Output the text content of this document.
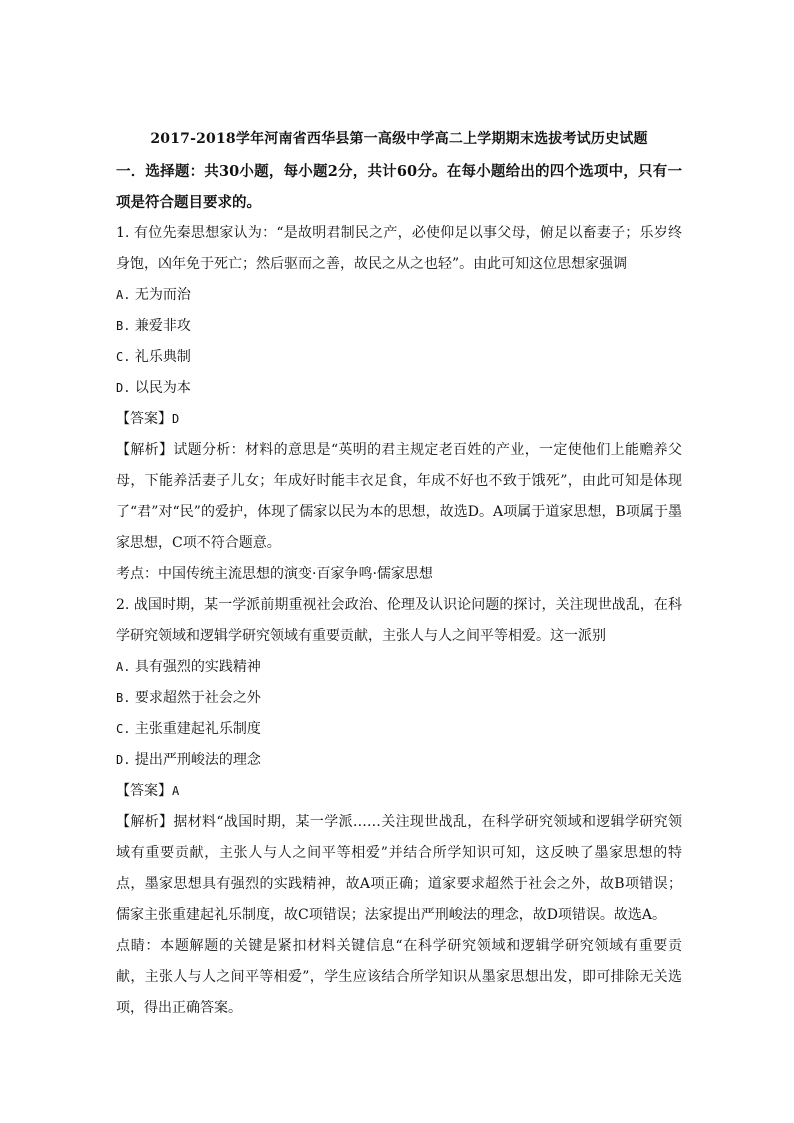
2017-2018学年河南省西华县第一高级中学高二上学期期末选拔考试历史试题

一．选择题：共30小题，每小题2分，共计60分。在每小题给出的四个选项中，只有一项是符合题目要求的。

1. 有位先秦思想家认为：“是故明君制民之产，必使仰足以事父母，俯足以畜妻子；乐岁终身饱，凶年免于死亡；然后驱而之善，故民之从之也轻”。由此可知这位思想家强调

A. 无为而治

B. 兼爱非攻

C. 礼乐典制

D. 以民为本

【答案】D

【解析】试题分析：材料的意思是“英明的君主规定老百姓的产业，一定使他们上能赡养父母，下能养活妻子儿女；年成好时能丰衣足食，年成不好也不致于饿死”，由此可知是体现了“君”对“民”的爱护，体现了儒家以民为本的思想，故选D。A项属于道家思想，B项属于墨家思想，C项不符合题意。

考点：中国传统主流思想的演变·百家争鸣·儒家思想

2. 战国时期，某一学派前期重视社会政治、伦理及认识论问题的探讨，关注现世战乱，在科学研究领域和逻辑学研究领域有重要贡献，主张人与人之间平等相爱。这一派别

A. 具有强烈的实践精神

B. 要求超然于社会之外

C. 主张重建起礼乐制度

D. 提出严刑峻法的理念

【答案】A

【解析】据材料“战国时期，某一学派……关注现世战乱，在科学研究领域和逻辑学研究领域有重要贡献，主张人与人之间平等相爱”并结合所学知识可知，这反映了墨家思想的特点，墨家思想具有强烈的实践精神，故A项正确；道家要求超然于社会之外，故B项错误；儒家主张重建起礼乐制度，故C项错误；法家提出严刑峻法的理念，故D项错误。故选A。

点睛：本题解题的关键是紧扣材料关键信息“在科学研究领域和逻辑学研究领域有重要贡献，主张人与人之间平等相爱”，学生应该结合所学知识从墨家思想出发，即可排除无关选项，得出正确答案。
